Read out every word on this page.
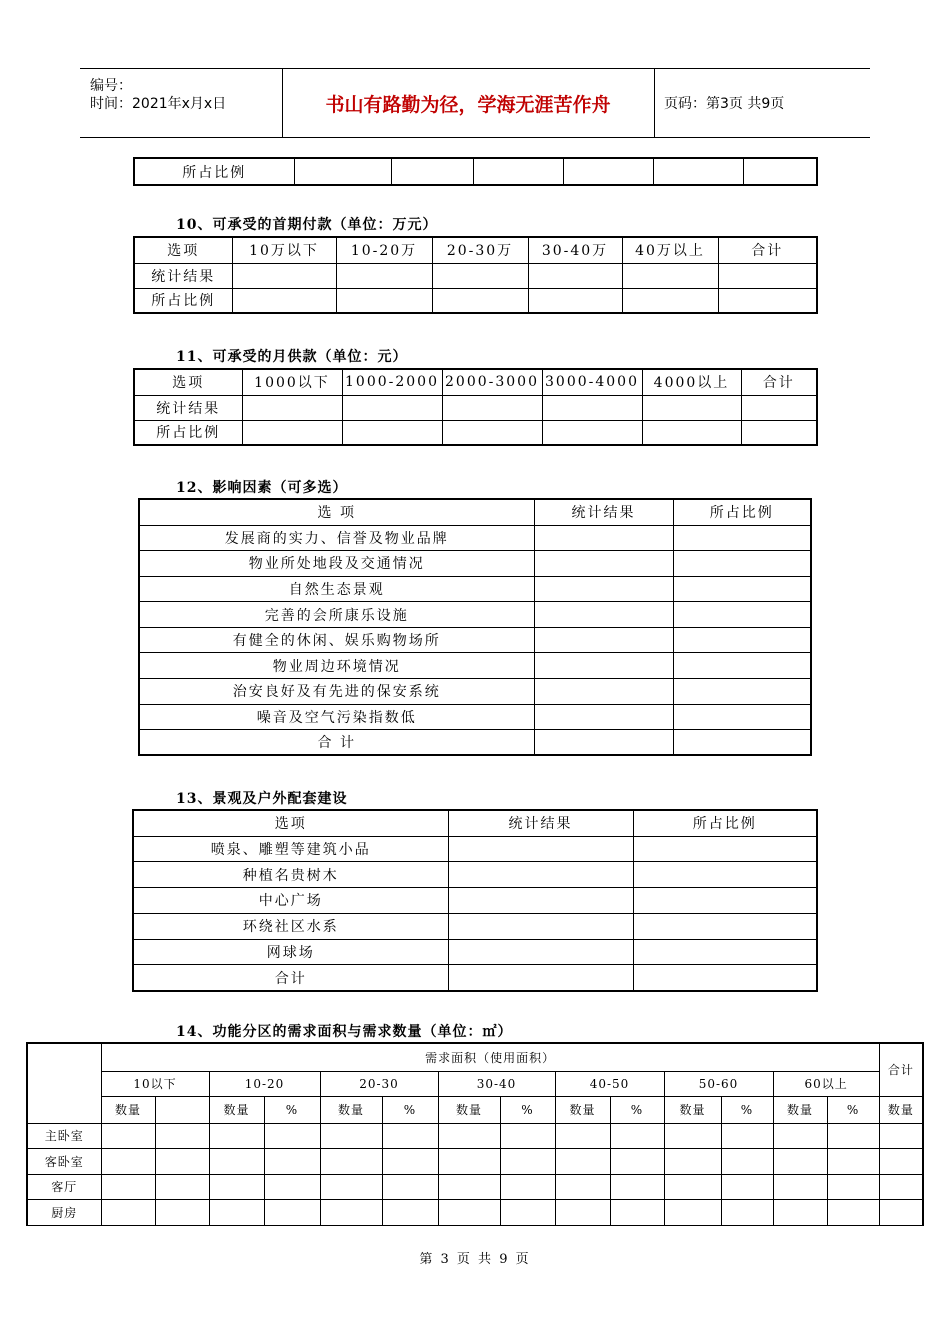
编号：
时间：2021年x月x日	书山有路勤为径，学海无涯苦作舟	页码：第3页 共9页
所占比例						
10、可承受的首期付款（单位：万元）
选项	10万以下	10-20万	20-30万	30-40万	40万以上	合计
统计结果						
所占比例						
11、可承受的月供款（单位：元）
选项	1000以下	1000-2000	2000-3000	3000-4000	4000以上	合计
统计结果						
所占比例						
12、影响因素（可多选）
选 项	统计结果	所占比例
发展商的实力、信誉及物业品牌		
物业所处地段及交通情况		
自然生态景观		
完善的会所康乐设施		
有健全的休闲、娱乐购物场所		
物业周边环境情况		
治安良好及有先进的保安系统		
噪音及空气污染指数低		
合 计		
13、景观及户外配套建设
选项	统计结果	所占比例
喷泉、雕塑等建筑小品		
种植名贵树木		
中心广场		
环绕社区水系		
网球场		
合计		
14、功能分区的需求面积与需求数量（单位：㎡）
	需求面积（使用面积）														合计
	10以下		10-20		20-30		30-40		40-50		50-60		60以上		
	数量		数量	%	数量	%	数量	%	数量	%	数量	%	数量	%	数量
主卧室															
客卧室															
客厅															
厨房															
第 3 页 共 9 页
